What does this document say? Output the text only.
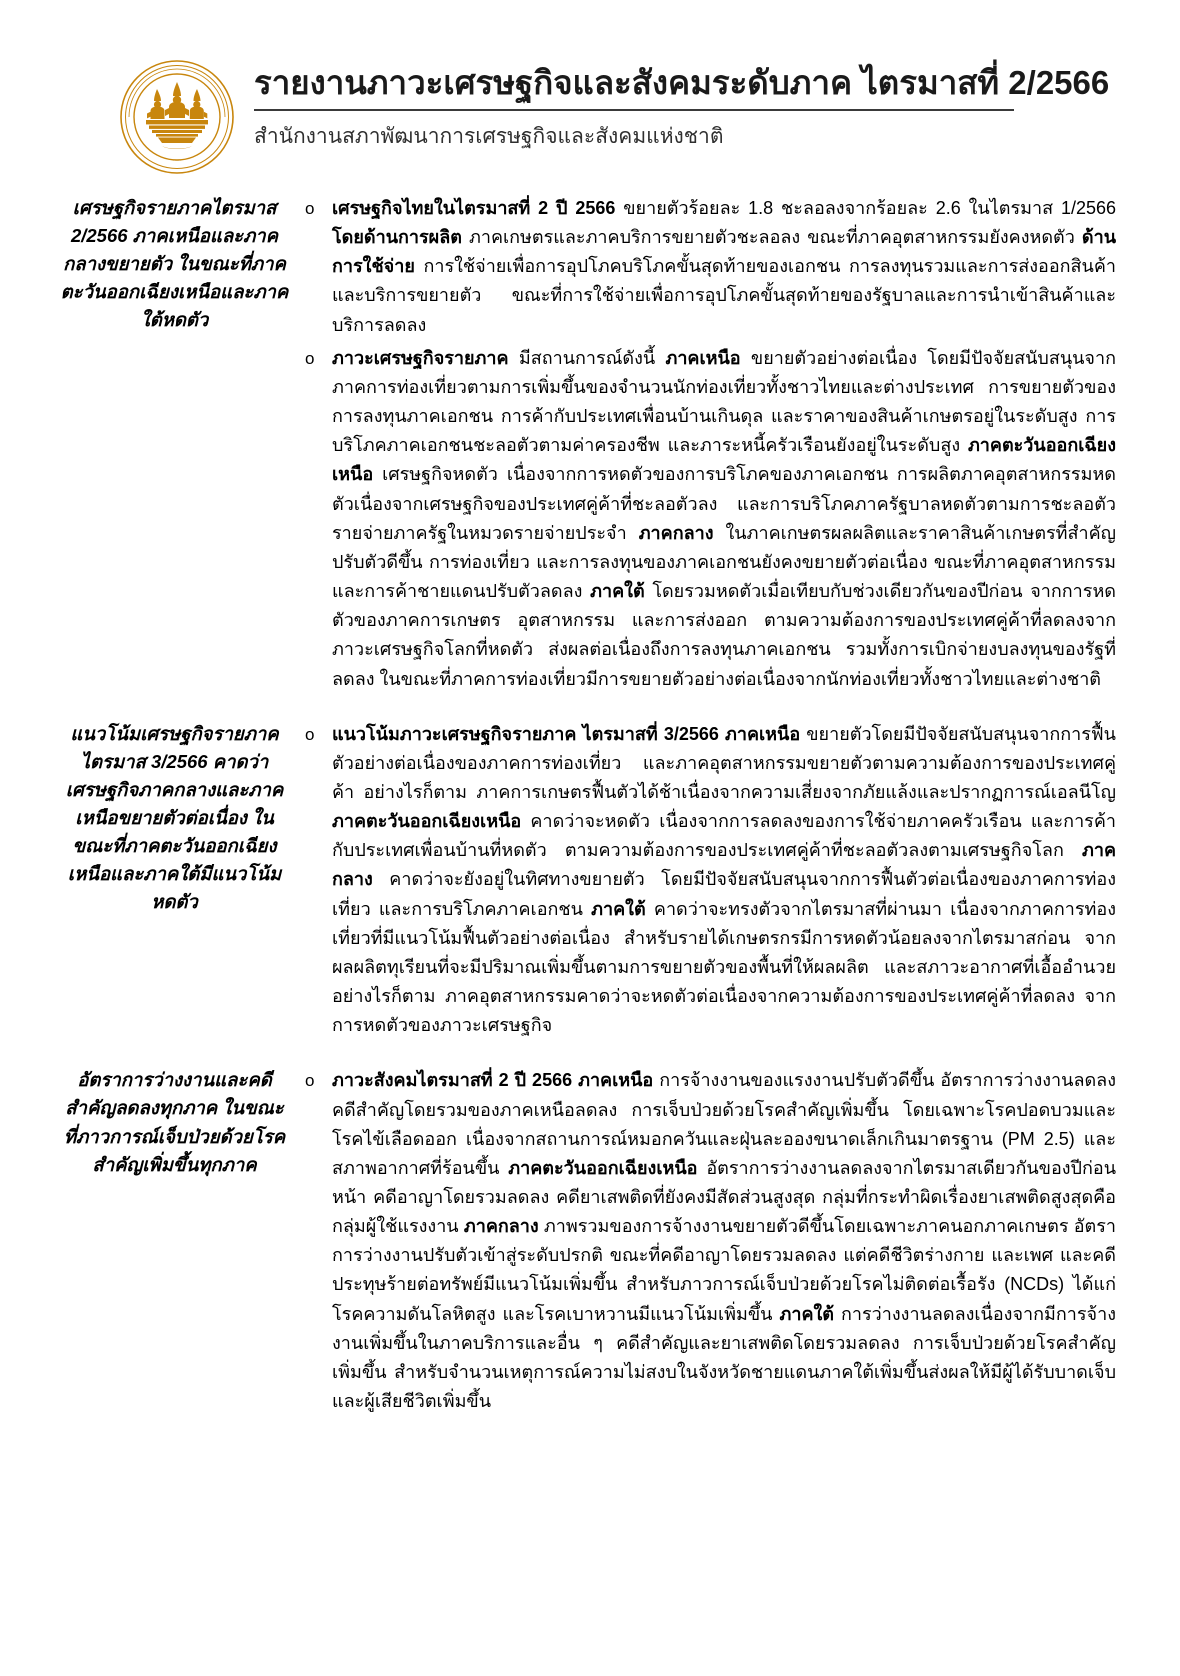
·····
รายงานภาวะเศรษฐกิจและสังคมระดับภาค ไตรมาสที่ 2/2566
สำนักงานสภาพัฒนาการเศรษฐกิจและสังคมแห่งชาติ
เศรษฐกิจรายภาคไตรมาส 2/2566 ภาคเหนือและภาคกลางขยายตัว ในขณะที่ภาคตะวันออกเฉียงเหนือและภาคใต้หดตัว
o เศรษฐกิจไทยในไตรมาสที่ 2 ปี 2566 ขยายตัวร้อยละ 1.8 ชะลอลงจากร้อยละ 2.6 ในไตรมาส 1/2566 โดยด้านการผลิต ภาคเกษตรและภาคบริการขยายตัวชะลอลง ขณะที่ภาคอุตสาหกรรมยังคงหดตัว ด้านการใช้จ่าย การใช้จ่ายเพื่อการอุปโภคบริโภคขั้นสุดท้ายของเอกชน การลงทุนรวมและการส่งออกสินค้าและบริการขยายตัว ขณะที่การใช้จ่ายเพื่อการอุปโภคขั้นสุดท้ายของรัฐบาลและการนำเข้าสินค้าและบริการลดลง
o ภาวะเศรษฐกิจรายภาค มีสถานการณ์ดังนี้ ภาคเหนือ ขยายตัวอย่างต่อเนื่อง โดยมีปัจจัยสนับสนุนจากภาคการท่องเที่ยวตามการเพิ่มขึ้นของจำนวนนักท่องเที่ยวทั้งชาวไทยและต่างประเทศ การขยายตัวของการลงทุนภาคเอกชน การค้ากับประเทศเพื่อนบ้านเกินดุล และราคาของสินค้าเกษตรอยู่ในระดับสูง การบริโภคภาคเอกชนชะลอตัวตามค่าครองชีพ และภาระหนี้ครัวเรือนยังอยู่ในระดับสูง ภาคตะวันออกเฉียงเหนือ เศรษฐกิจหดตัว เนื่องจากการหดตัวของการบริโภคของภาคเอกชน การผลิตภาคอุตสาหกรรมหดตัวเนื่องจากเศรษฐกิจของประเทศคู่ค้าที่ชะลอตัวลง และการบริโภคภาครัฐบาลหดตัวตามการชะลอตัวรายจ่ายภาครัฐในหมวดรายจ่ายประจำ ภาคกลาง ในภาคเกษตรผลผลิตและราคาสินค้าเกษตรที่สำคัญปรับตัวดีขึ้น การท่องเที่ยว และการลงทุนของภาคเอกชนยังคงขยายตัวต่อเนื่อง ขณะที่ภาคอุตสาหกรรมและการค้าชายแดนปรับตัวลดลง ภาคใต้ โดยรวมหดตัวเมื่อเทียบกับช่วงเดียวกันของปีก่อน จากการหดตัวของภาคการเกษตร อุตสาหกรรม และการส่งออก ตามความต้องการของประเทศคู่ค้าที่ลดลงจากภาวะเศรษฐกิจโลกที่หดตัว ส่งผลต่อเนื่องถึงการลงทุนภาคเอกชน รวมทั้งการเบิกจ่ายงบลงทุนของรัฐที่ลดลง ในขณะที่ภาคการท่องเที่ยวมีการขยายตัวอย่างต่อเนื่องจากนักท่องเที่ยวทั้งชาวไทยและต่างชาติ
แนวโน้มเศรษฐกิจรายภาคไตรมาส 3/2566 คาดว่าเศรษฐกิจภาคกลางและภาคเหนือขยายตัวต่อเนื่อง ในขณะที่ภาคตะวันออกเฉียงเหนือและภาคใต้มีแนวโน้มหดตัว
o แนวโน้มภาวะเศรษฐกิจรายภาค ไตรมาสที่ 3/2566 ภาคเหนือ ขยายตัวโดยมีปัจจัยสนับสนุนจากการฟื้นตัวอย่างต่อเนื่องของภาคการท่องเที่ยว และภาคอุตสาหกรรมขยายตัวตามความต้องการของประเทศคู่ค้า อย่างไรก็ตาม ภาคการเกษตรฟื้นตัวได้ช้าเนื่องจากความเสี่ยงจากภัยแล้งและปรากฏการณ์เอลนีโญ ภาคตะวันออกเฉียงเหนือ คาดว่าจะหดตัว เนื่องจากการลดลงของการใช้จ่ายภาคครัวเรือน และการค้ากับประเทศเพื่อนบ้านที่หดตัว ตามความต้องการของประเทศคู่ค้าที่ชะลอตัวลงตามเศรษฐกิจโลก ภาคกลาง คาดว่าจะยังอยู่ในทิศทางขยายตัว โดยมีปัจจัยสนับสนุนจากการฟื้นตัวต่อเนื่องของภาคการท่องเที่ยว และการบริโภคภาคเอกชน ภาคใต้ คาดว่าจะทรงตัวจากไตรมาสที่ผ่านมา เนื่องจากภาคการท่องเที่ยวที่มีแนวโน้มฟื้นตัวอย่างต่อเนื่อง สำหรับรายได้เกษตรกรมีการหดตัวน้อยลงจากไตรมาสก่อน จากผลผลิตทุเรียนที่จะมีปริมาณเพิ่มขึ้นตามการขยายตัวของพื้นที่ให้ผลผลิต และสภาวะอากาศที่เอื้ออำนวย อย่างไรก็ตาม ภาคอุตสาหกรรมคาดว่าจะหดตัวต่อเนื่องจากความต้องการของประเทศคู่ค้าที่ลดลง จากการหดตัวของภาวะเศรษฐกิจ
อัตราการว่างงานและคดีสำคัญลดลงทุกภาค ในขณะที่ภาวการณ์เจ็บป่วยด้วยโรคสำคัญเพิ่มขึ้นทุกภาค
o ภาวะสังคมไตรมาสที่ 2 ปี 2566 ภาคเหนือ การจ้างงานของแรงงานปรับตัวดีขึ้น อัตราการว่างงานลดลง คดีสำคัญโดยรวมของภาคเหนือลดลง การเจ็บป่วยด้วยโรคสำคัญเพิ่มขึ้น โดยเฉพาะโรคปอดบวมและโรคไข้เลือดออก เนื่องจากสถานการณ์หมอกควันและฝุ่นละอองขนาดเล็กเกินมาตรฐาน (PM 2.5) และสภาพอากาศที่ร้อนขึ้น ภาคตะวันออกเฉียงเหนือ อัตราการว่างงานลดลงจากไตรมาสเดียวกันของปีก่อนหน้า คดีอาญาโดยรวมลดลง คดียาเสพติดที่ยังคงมีสัดส่วนสูงสุด กลุ่มที่กระทำผิดเรื่องยาเสพติดสูงสุดคือกลุ่มผู้ใช้แรงงาน ภาคกลาง ภาพรวมของการจ้างงานขยายตัวดีขึ้นโดยเฉพาะภาคนอกภาคเกษตร อัตราการว่างงานปรับตัวเข้าสู่ระดับปรกติ ขณะที่คดีอาญาโดยรวมลดลง แต่คดีชีวิตร่างกาย และเพศ และคดีประทุษร้ายต่อทรัพย์มีแนวโน้มเพิ่มขึ้น สำหรับภาวการณ์เจ็บป่วยด้วยโรคไม่ติดต่อเรื้อรัง (NCDs) ได้แก่ โรคความดันโลหิตสูง และโรคเบาหวานมีแนวโน้มเพิ่มขึ้น ภาคใต้ การว่างงานลดลงเนื่องจากมีการจ้างงานเพิ่มขึ้นในภาคบริการและอื่น ๆ คดีสำคัญและยาเสพติดโดยรวมลดลง การเจ็บป่วยด้วยโรคสำคัญเพิ่มขึ้น สำหรับจำนวนเหตุการณ์ความไม่สงบในจังหวัดชายแดนภาคใต้เพิ่มขึ้นส่งผลให้มีผู้ได้รับบาดเจ็บและผู้เสียชีวิตเพิ่มขึ้น
